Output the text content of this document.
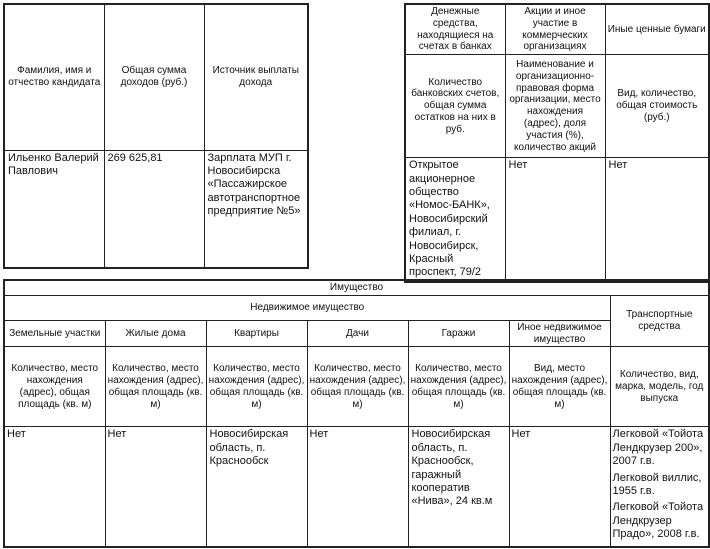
Фамилия, имя и отчество кандидата	Общая сумма доходов (руб.)	Источник выплаты дохода
Ильенко Валерий Павлович	269 625,81	Зарплата МУП г. Новосибирска «Пассажирское автотранспортное предприятие №5»
Денежные средства, находящиеся на счетах в банках	Акции и иное участие в коммерческих организациях	Иные ценные бумаги
Количество банковских счетов, общая сумма остатков на них в руб.	Наименование и организационно-правовая форма организации, место нахождения (адрес), доля участия (%), количество акций	Вид, количество, общая стоимость (руб.)
Открытое акционерное общество «Номос-БАНК», Новосибирский филиал, г. Новосибирск, Красный проспект, 79/2	Нет	Нет
Имущество						
Недвижимое имущество						Транспортные средства
Земельные участки	Жилые дома	Квартиры	Дачи	Гаражи	Иное недвижимое имущество	
Количество, место нахождения (адрес), общая площадь (кв. м)	Количество, место нахождения (адрес), общая площадь (кв. м)	Количество, место нахождения (адрес), общая площадь (кв. м)	Количество, место нахождения (адрес), общая площадь (кв. м)	Количество, место нахождения (адрес), общая площадь (кв. м)	Вид, место нахождения (адрес), общая площадь (кв. м)	Количество, вид, марка, модель, год выпуска
Нет	Нет	Новосибирская область, п. Краснообск	Нет	Новосибирская область, п. Краснообск, гаражный кооператив «Нива», 24 кв.м	Нет	Легковой «Тойота Лендкрузер 200», 2007 г.в.
Легковой виллис, 1955 г.в.
Легковой «Тойота Лендкрузер Прадо», 2008 г.в.
